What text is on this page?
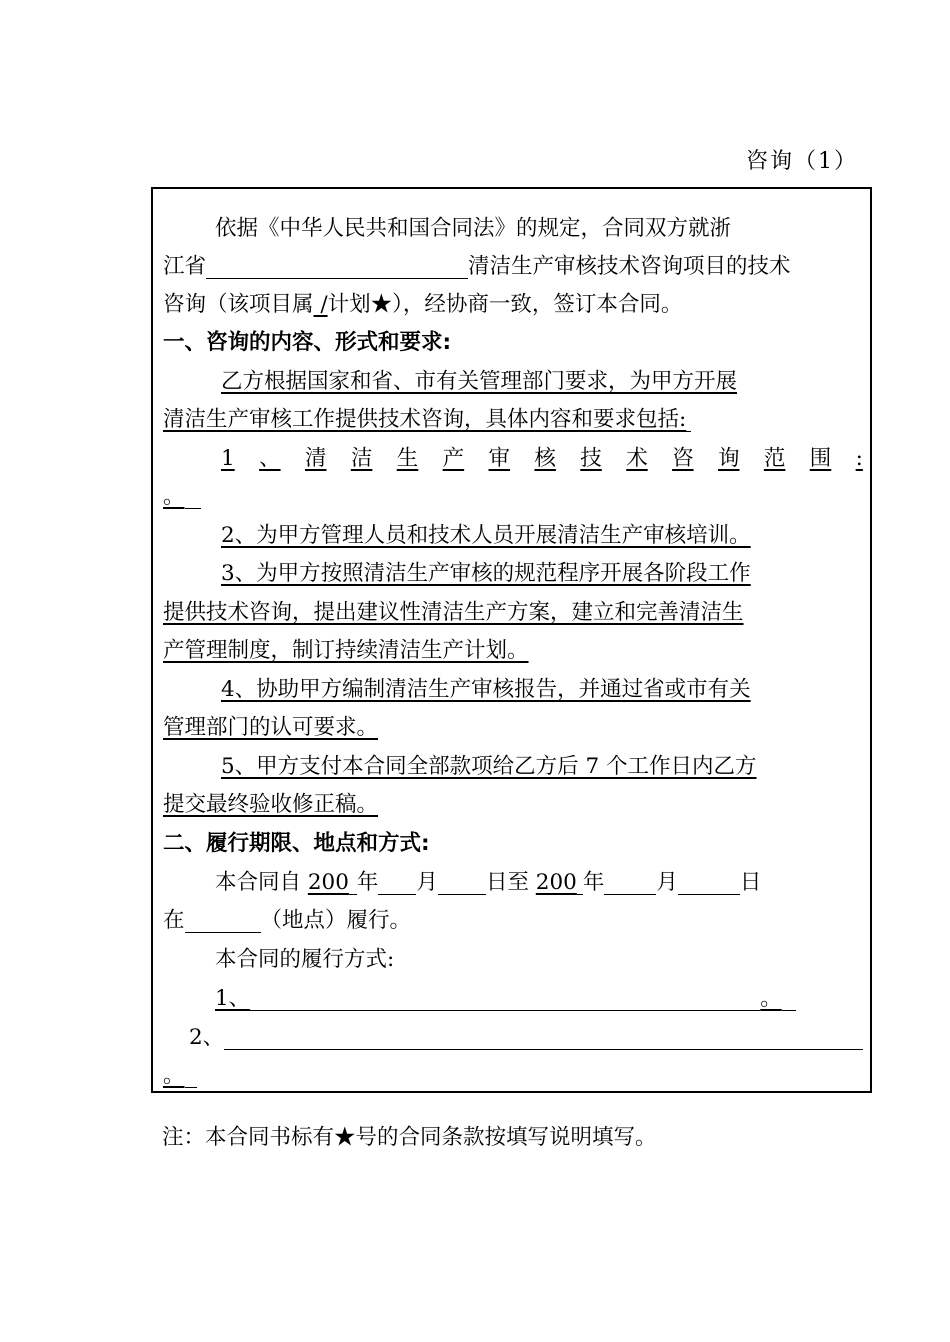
咨询（1）
依据《中华人民共和国合同法》的规定，合同双方就浙
江省	清洁生产审核技术咨询项目的技术
咨询（该项目属 /计划★），经协商一致，签订本合同。
一、咨询的内容、形式和要求:
乙方根据国家和省、市有关管理部门要求，为甲方开展
清洁生产审核工作提供技术咨询，具体内容和要求包括:
1 、 清 洁 生 产 审 核 技 术 咨 询 范 围 :
。
2、为甲方管理人员和技术人员开展清洁生产审核培训。
3、为甲方按照清洁生产审核的规范程序开展各阶段工作
提供技术咨询，提出建议性清洁生产方案，建立和完善清洁生
产管理制度，制订持续清洁生产计划。
4、协助甲方编制清洁生产审核报告，并通过省或市有关
管理部门的认可要求。
5、甲方支付本合同全部款项给乙方后 7 个工作日内乙方
提交最终验收修正稿。
二、履行期限、地点和方式:
本合同自 200 年 月 日至 200 年 月	日
在	（地点）履行。
本合同的履行方式:
1、	。
2、
。
注：本合同书标有★号的合同条款按填写说明填写。
